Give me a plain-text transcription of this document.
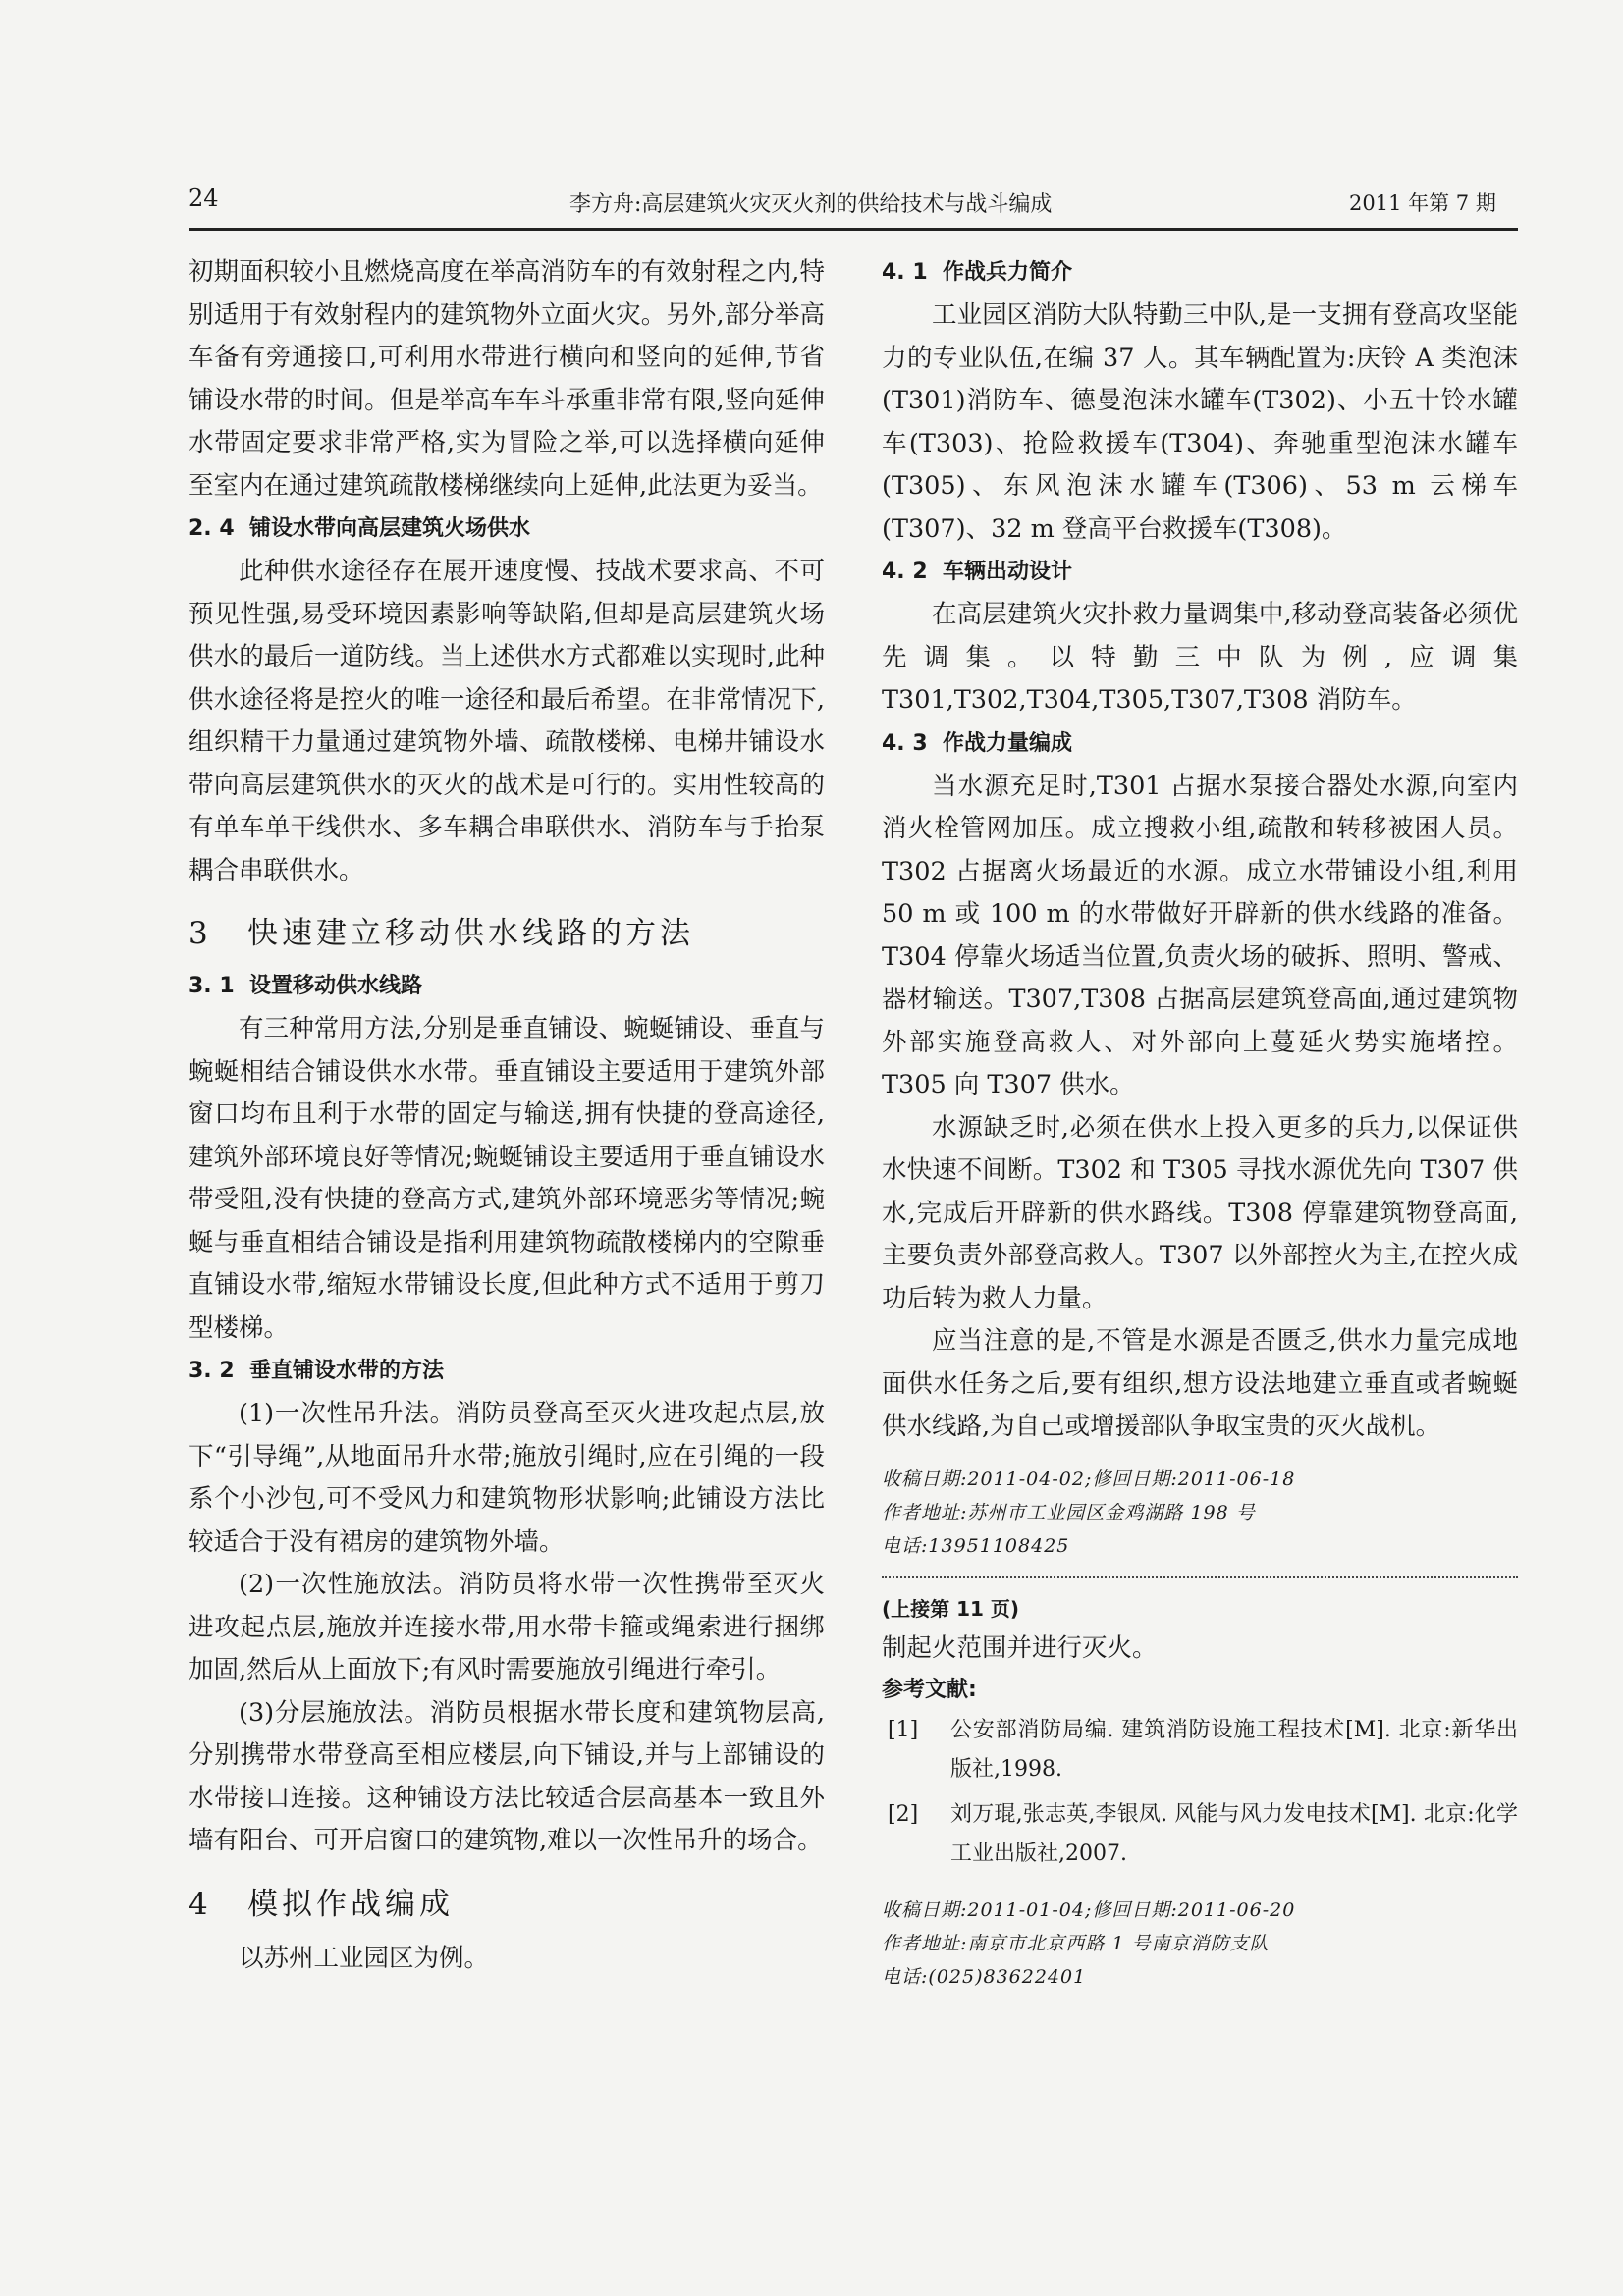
24	李方舟:高层建筑火灾灭火剂的供给技术与战斗编成	2011 年第 7 期

初期面积较小且燃烧高度在举高消防车的有效射程之内,特别适用于有效射程内的建筑物外立面火灾。另外,部分举高车备有旁通接口,可利用水带进行横向和竖向的延伸,节省铺设水带的时间。但是举高车车斗承重非常有限,竖向延伸水带固定要求非常严格,实为冒险之举,可以选择横向延伸至室内在通过建筑疏散楼梯继续向上延伸,此法更为妥当。

2. 4 铺设水带向高层建筑火场供水

此种供水途径存在展开速度慢、技战术要求高、不可预见性强,易受环境因素影响等缺陷,但却是高层建筑火场供水的最后一道防线。当上述供水方式都难以实现时,此种供水途径将是控火的唯一途径和最后希望。在非常情况下,组织精干力量通过建筑物外墙、疏散楼梯、电梯井铺设水带向高层建筑供水的灭火的战术是可行的。实用性较高的有单车单干线供水、多车耦合串联供水、消防车与手抬泵耦合串联供水。

3 快速建立移动供水线路的方法
3. 1 设置移动供水线路

有三种常用方法,分别是垂直铺设、蜿蜒铺设、垂直与蜿蜒相结合铺设供水水带。垂直铺设主要适用于建筑外部窗口均布且利于水带的固定与输送,拥有快捷的登高途径,建筑外部环境良好等情况;蜿蜒铺设主要适用于垂直铺设水带受阻,没有快捷的登高方式,建筑外部环境恶劣等情况;蜿蜒与垂直相结合铺设是指利用建筑物疏散楼梯内的空隙垂直铺设水带,缩短水带铺设长度,但此种方式不适用于剪刀型楼梯。

3. 2 垂直铺设水带的方法

(1)一次性吊升法。消防员登高至灭火进攻起点层,放下“引导绳”,从地面吊升水带;施放引绳时,应在引绳的一段系个小沙包,可不受风力和建筑物形状影响;此铺设方法比较适合于没有裙房的建筑物外墙。

(2)一次性施放法。消防员将水带一次性携带至灭火进攻起点层,施放并连接水带,用水带卡箍或绳索进行捆绑加固,然后从上面放下;有风时需要施放引绳进行牵引。

(3)分层施放法。消防员根据水带长度和建筑物层高,分别携带水带登高至相应楼层,向下铺设,并与上部铺设的水带接口连接。这种铺设方法比较适合层高基本一致且外墙有阳台、可开启窗口的建筑物,难以一次性吊升的场合。

4 模拟作战编成

以苏州工业园区为例。

4. 1 作战兵力简介

工业园区消防大队特勤三中队,是一支拥有登高攻坚能力的专业队伍,在编 37 人。其车辆配置为:庆铃 A 类泡沫(T301)消防车、德曼泡沫水罐车(T302)、小五十铃水罐车(T303)、抢险救援车(T304)、奔驰重型泡沫水罐车(T305)、东风泡沫水罐车(T306)、53 m 云梯车(T307)、32 m 登高平台救援车(T308)。

4. 2 车辆出动设计

在高层建筑火灾扑救力量调集中,移动登高装备必须优先调集。以特勤三中队为例,应调集 T301,T302,T304,T305,T307,T308 消防车。

4. 3 作战力量编成

当水源充足时,T301 占据水泵接合器处水源,向室内消火栓管网加压。成立搜救小组,疏散和转移被困人员。T302 占据离火场最近的水源。成立水带铺设小组,利用 50 m 或 100 m 的水带做好开辟新的供水线路的准备。T304 停靠火场适当位置,负责火场的破拆、照明、警戒、器材输送。T307,T308 占据高层建筑登高面,通过建筑物外部实施登高救人、对外部向上蔓延火势实施堵控。T305 向 T307 供水。

水源缺乏时,必须在供水上投入更多的兵力,以保证供水快速不间断。T302 和 T305 寻找水源优先向 T307 供水,完成后开辟新的供水路线。T308 停靠建筑物登高面,主要负责外部登高救人。T307 以外部控火为主,在控火成功后转为救人力量。

应当注意的是,不管是水源是否匮乏,供水力量完成地面供水任务之后,要有组织,想方设法地建立垂直或者蜿蜒供水线路,为自己或增援部队争取宝贵的灭火战机。

收稿日期:2011-04-02;修回日期:2011-06-18
作者地址:苏州市工业园区金鸡湖路 198 号
电话:13951108425
(上接第 11 页)

制起火范围并进行灭火。

参考文献:
[1] 公安部消防局编. 建筑消防设施工程技术[M]. 北京:新华出版社,1998.
[2] 刘万琨,张志英,李银凤. 风能与风力发电技术[M]. 北京:化学工业出版社,2007.
收稿日期:2011-01-04;修回日期:2011-06-20
作者地址:南京市北京西路 1 号南京消防支队
电话:(025)83622401
